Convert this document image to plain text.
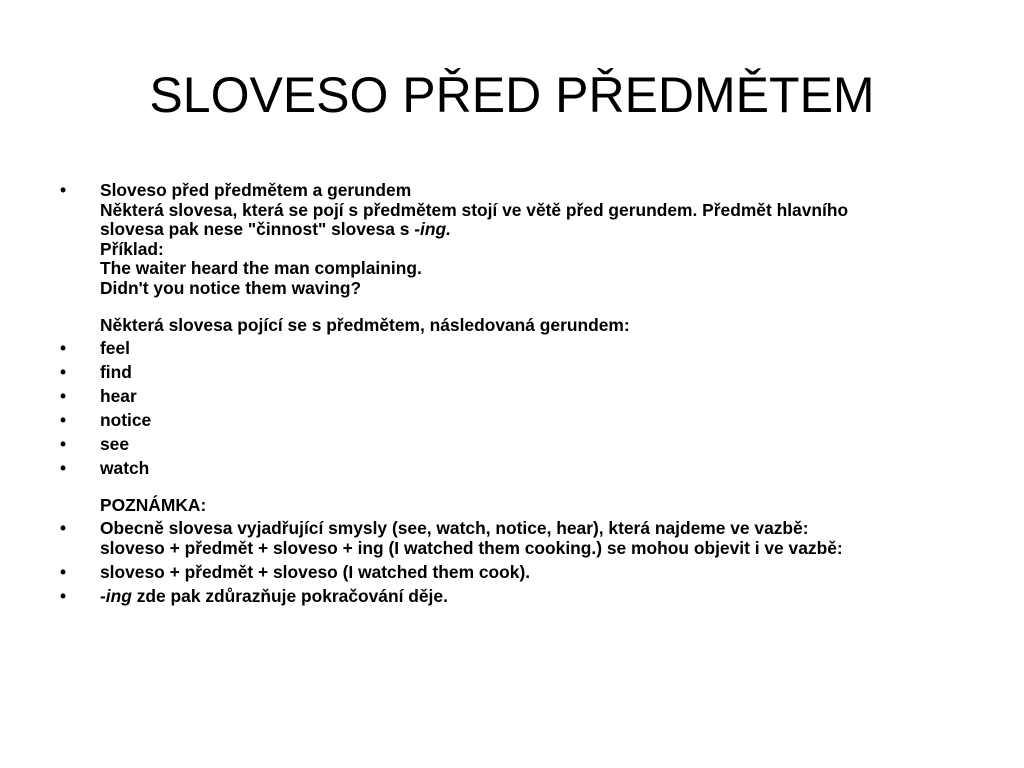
SLOVESO PŘED PŘEDMĚTEM
• Sloveso před předmětem a gerundem
Některá slovesa, která se pojí s předmětem stojí ve větě před gerundem. Předmět hlavního
slovesa pak nese "činnost" slovesa s -ing.
Příklad:
The waiter heard the man complaining.
Didn't you notice them waving?
Některá slovesa pojící se s předmětem, následovaná gerundem:
• feel
• find
• hear
• notice
• see
• watch
POZNÁMKA:
• Obecně slovesa vyjadřující smysly (see, watch, notice, hear), která najdeme ve vazbě:
sloveso + předmět + sloveso + ing (I watched them cooking.) se mohou objevit i ve vazbě:
• sloveso + předmět + sloveso (I watched them cook).
• -ing zde pak zdůrazňuje pokračování děje.
